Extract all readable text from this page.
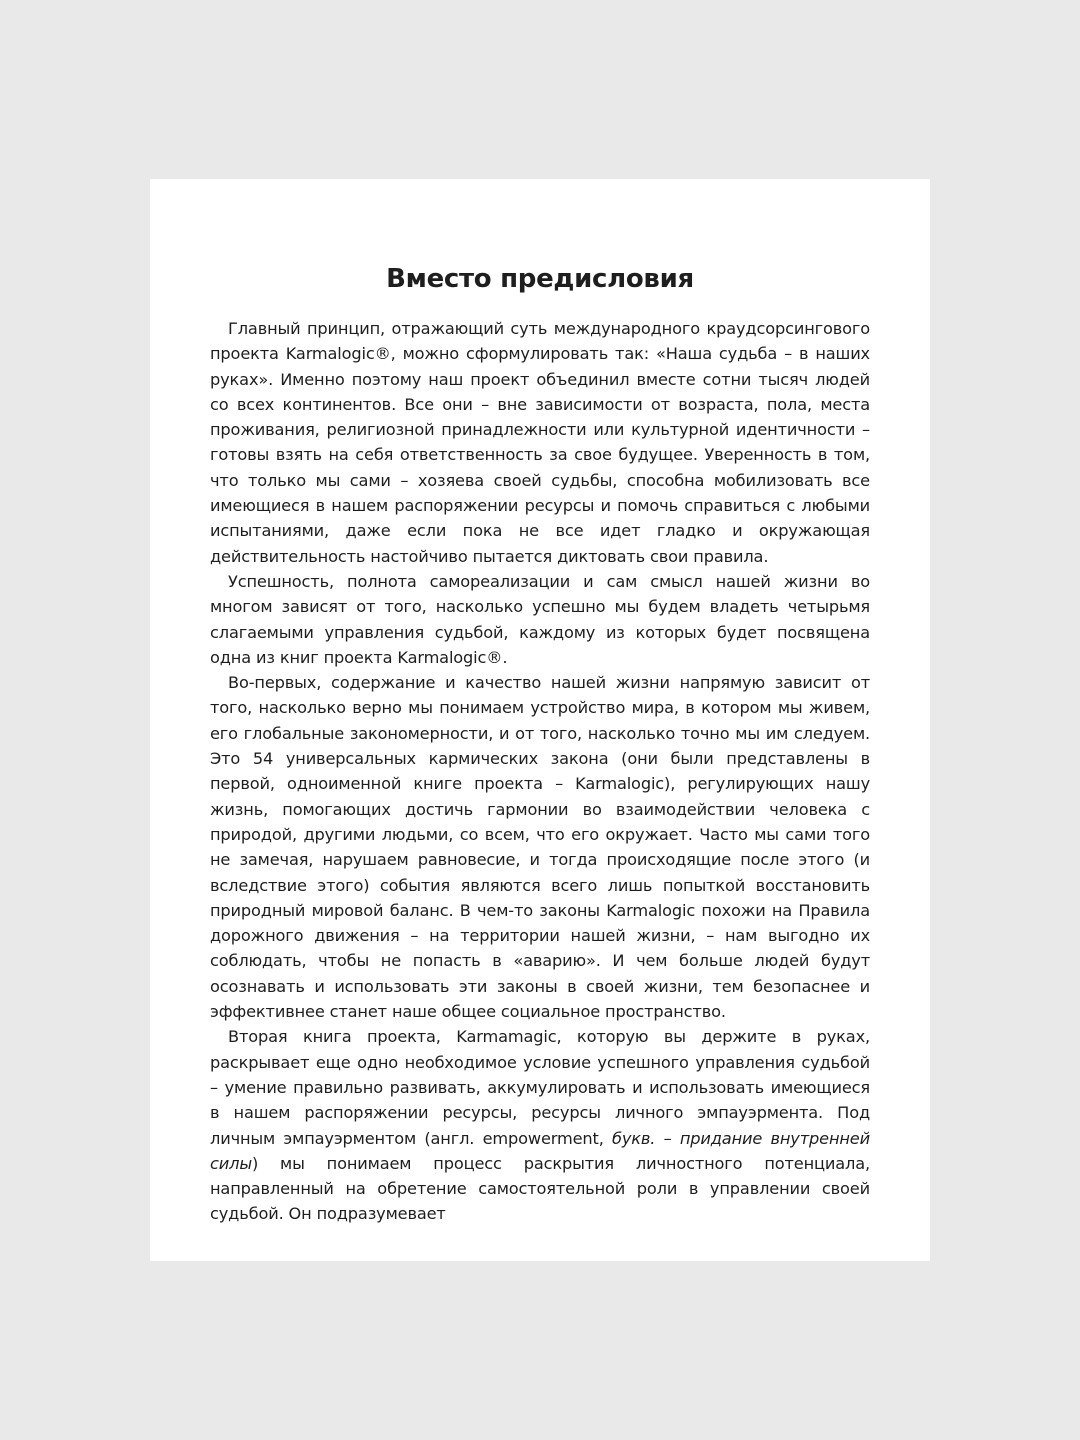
Вместо предисловия

Главный принцип, отражающий суть международного краудсорсингового проекта Karmalogic®, можно сформулировать так: «Наша судьба – в наших руках». Именно поэтому наш проект объединил вместе сотни тысяч людей со всех континентов. Все они – вне зависимости от возраста, пола, места проживания, религиозной принадлежности или культурной идентичности – готовы взять на себя ответственность за свое будущее. Уверенность в том, что только мы сами – хозяева своей судьбы, способна мобилизовать все имеющиеся в нашем распоряжении ресурсы и помочь справиться с любыми испытаниями, даже если пока не все идет гладко и окружающая действительность настойчиво пытается диктовать свои правила.

Успешность, полнота самореализации и сам смысл нашей жизни во многом зависят от того, насколько успешно мы будем владеть четырьмя слагаемыми управления судьбой, каждому из которых будет посвящена одна из книг проекта Karmalogic®.

Во-первых, содержание и качество нашей жизни напрямую зависит от того, насколько верно мы понимаем устройство мира, в котором мы живем, его глобальные закономерности, и от того, насколько точно мы им следуем. Это 54 универсальных кармических закона (они были представлены в первой, одноименной книге проекта – Karmalogic), регулирующих нашу жизнь, помогающих достичь гармонии во взаимодействии человека с природой, другими людьми, со всем, что его окружает. Часто мы сами того не замечая, нарушаем равновесие, и тогда происходящие после этого (и вследствие этого) события являются всего лишь попыткой восстановить природный мировой баланс. В чем-то законы Karmalogic похожи на Правила дорожного движения – на территории нашей жизни, – нам выгодно их соблюдать, чтобы не попасть в «аварию». И чем больше людей будут осознавать и использовать эти законы в своей жизни, тем безопаснее и эффективнее станет наше общее социальное пространство.

Вторая книга проекта, Karmamagic, которую вы держите в руках, раскрывает еще одно необходимое условие успешного управления судьбой – умение правильно развивать, аккумулировать и использовать имеющиеся в нашем распоряжении ресурсы, ресурсы личного эмпауэрмента. Под личным эмпауэрментом (англ. empowerment, букв. – придание внутренней силы) мы понимаем процесс раскрытия личностного потенциала, направленный на обретение самостоятельной роли в управлении своей судьбой. Он подразумевает
